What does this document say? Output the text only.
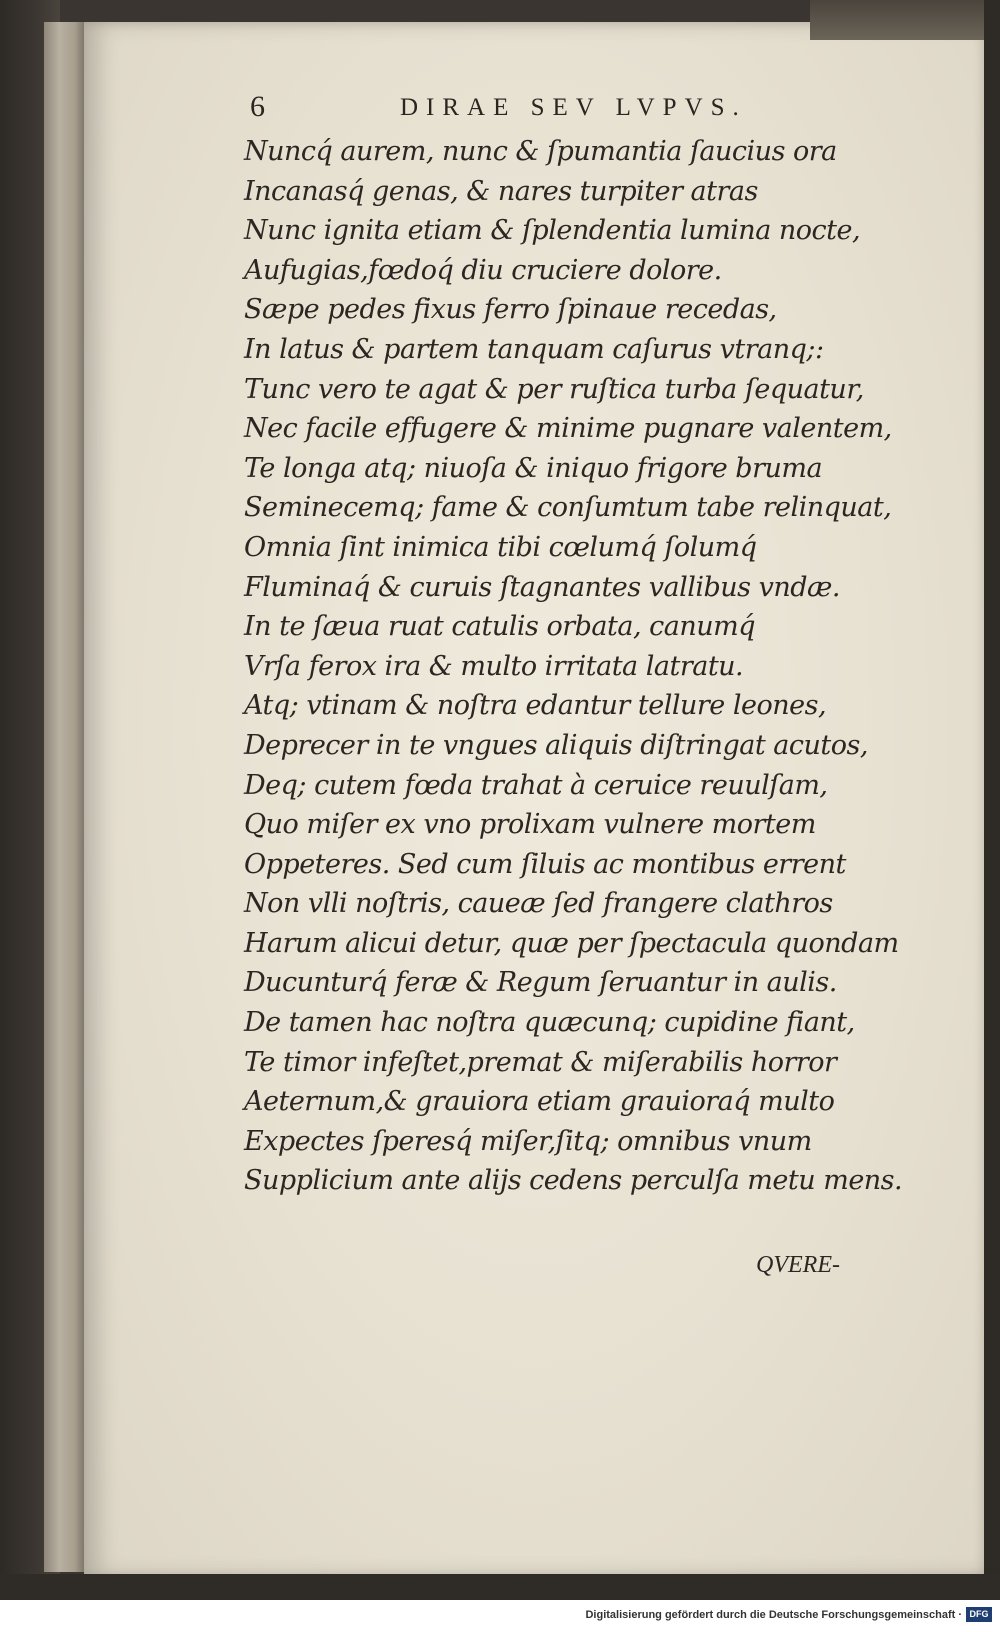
6	DIRAE SEV LVPVS.
Nuncq́ aurem, nunc & ſpumantia ſaucius ora
Incanasq́ genas, & nares turpiter atras
Nunc ignita etiam & ſplendentia lumina nocte,
Aufugias,fœdoq́ diu cruciere dolore.
Sæpe pedes fixus ferro ſpinaue recedas,
In latus & partem tanquam caſurus vtranq;:
Tunc vero te agat & per ruſtica turba ſequatur,
Nec facile effugere & minime pugnare valentem,
Te longa atq; niuoſa & iniquo frigore bruma
Seminecemq; fame & conſumtum tabe relinquat,
Omnia ſint inimica tibi cœlumq́ ſolumq́
Fluminaq́ & curuis ſtagnantes vallibus vndæ.
In te ſæua ruat catulis orbata, canumq́
Vrſa ferox ira & multo irritata latratu.
Atq; vtinam & noſtra edantur tellure leones,
Deprecer in te vngues aliquis diſtringat acutos,
Deq; cutem fœda trahat à ceruice reuulſam,
Quo miſer ex vno prolixam vulnere mortem
Oppeteres. Sed cum ſiluis ac montibus errent
Non vlli noſtris, caueæ ſed frangere clathros
Harum alicui detur, quæ per ſpectacula quondam
Ducunturq́ feræ & Regum ſeruantur in aulis.
De tamen hac noſtra quæcunq; cupidine fiant,
Te timor infeſtet,premat & miſerabilis horror
Aeternum,& grauiora etiam grauioraq́ multo
Expectes ſperesq́ miſer,ſitq; omnibus vnum
Supplicium ante aliјs cedens perculſa metu mens.
QVERE-
Digitalisierung gefördert durch die Deutsche Forschungsgemeinschaft · DFG
